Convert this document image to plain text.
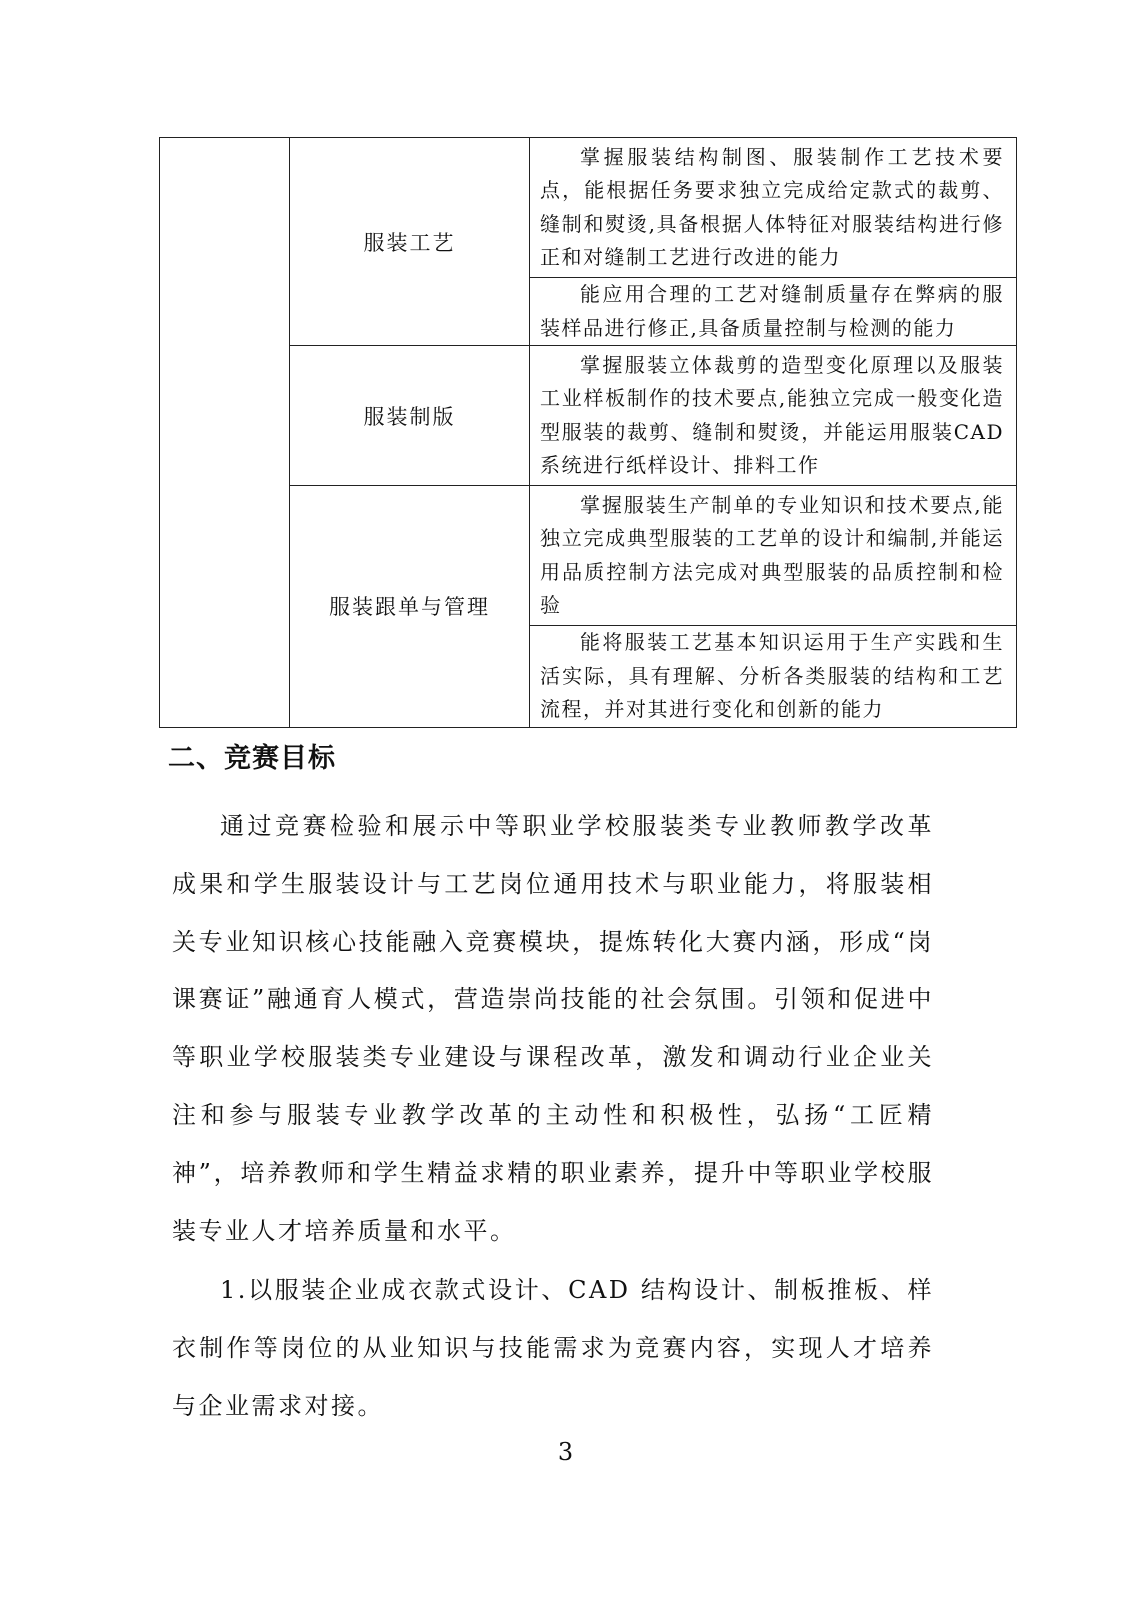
	服装工艺	掌握服装结构制图、服装制作工艺技术要点，能根据任务要求独立完成给定款式的裁剪、缝制和熨烫,具备根据人体特征对服装结构进行修正和对缝制工艺进行改进的能力
		能应用合理的工艺对缝制质量存在弊病的服装样品进行修正,具备质量控制与检测的能力
	服装制版	掌握服装立体裁剪的造型变化原理以及服装工业样板制作的技术要点,能独立完成一般变化造型服装的裁剪、缝制和熨烫，并能运用服装CAD 系统进行纸样设计、排料工作
	服装跟单与管理	掌握服装生产制单的专业知识和技术要点,能独立完成典型服装的工艺单的设计和编制,并能运用品质控制方法完成对典型服装的品质控制和检验
		能将服装工艺基本知识运用于生产实践和生活实际，具有理解、分析各类服装的结构和工艺流程，并对其进行变化和创新的能力
二、竞赛目标

通过竞赛检验和展示中等职业学校服装类专业教师教学改革成果和学生服装设计与工艺岗位通用技术与职业能力，将服装相关专业知识核心技能融入竞赛模块，提炼转化大赛内涵，形成“岗课赛证”融通育人模式，营造崇尚技能的社会氛围。引领和促进中等职业学校服装类专业建设与课程改革，激发和调动行业企业关注和参与服装专业教学改革的主动性和积极性，弘扬“工匠精神”，培养教师和学生精益求精的职业素养，提升中等职业学校服装专业人才培养质量和水平。

1.以服装企业成衣款式设计、CAD 结构设计、制板推板、样衣制作等岗位的从业知识与技能需求为竞赛内容，实现人才培养与企业需求对接。

3
